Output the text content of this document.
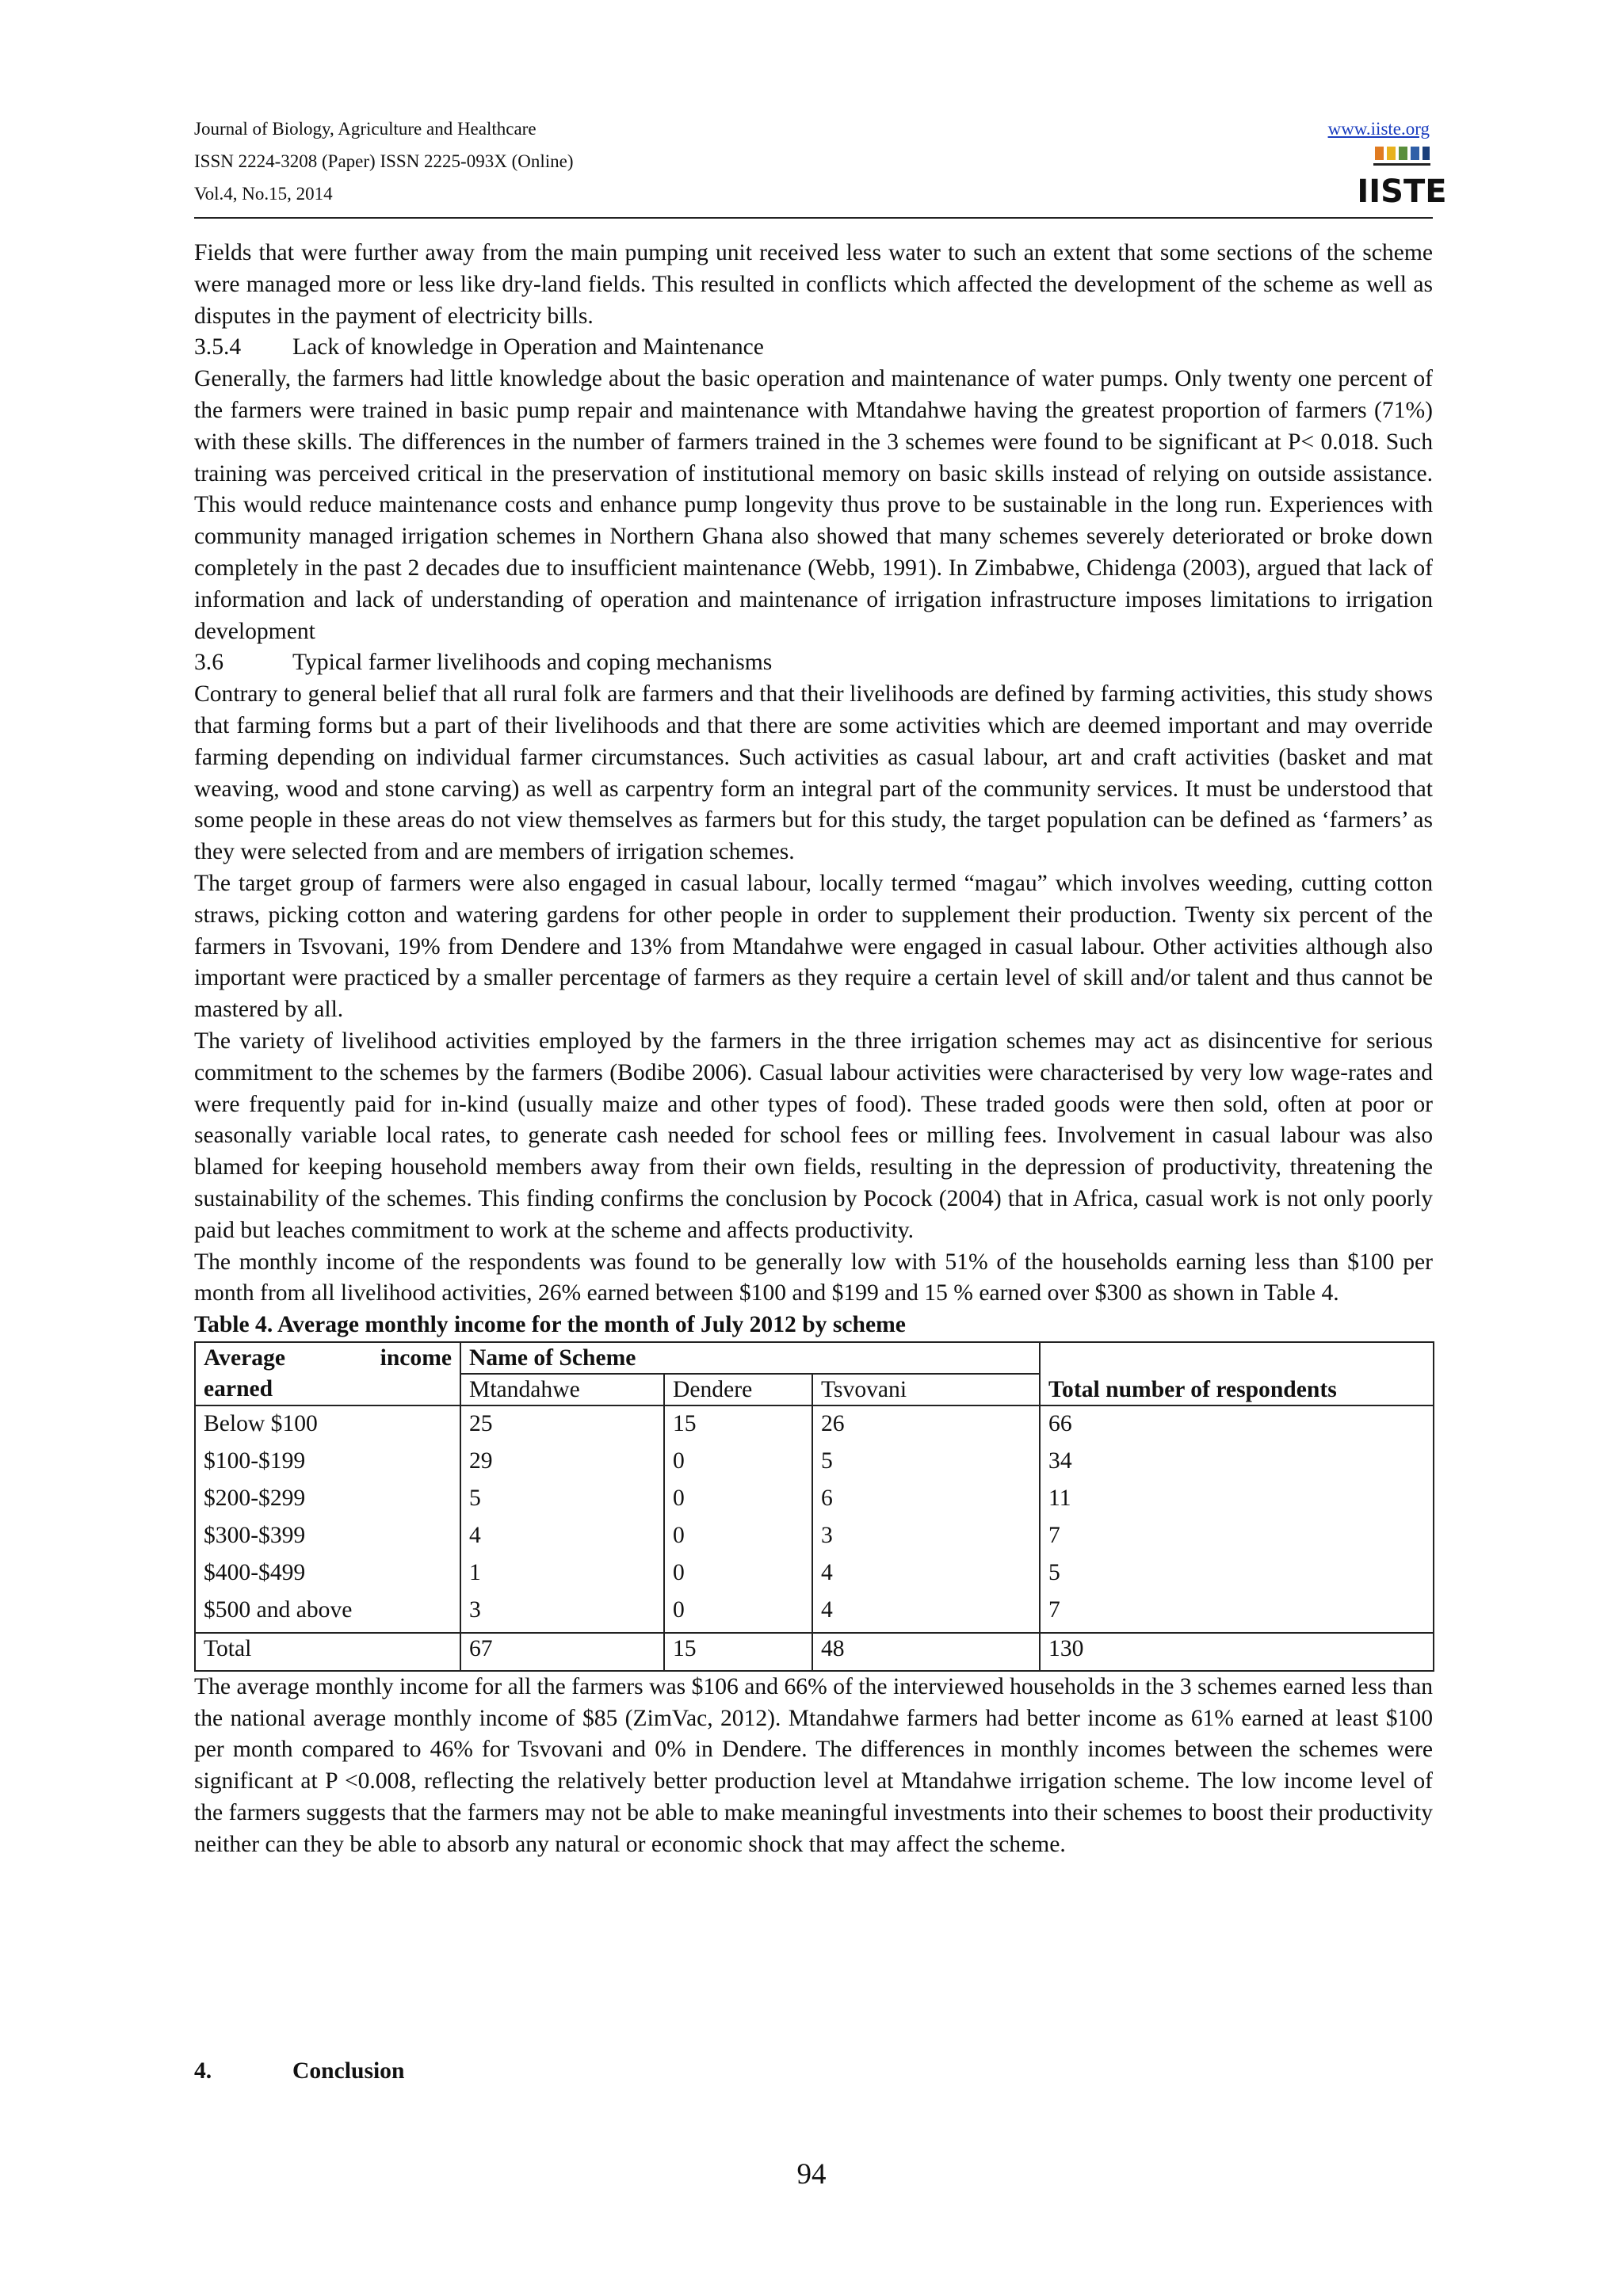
Journal of Biology, Agriculture and Healthcare
ISSN 2224-3208 (Paper) ISSN 2225-093X (Online)
Vol.4, No.15, 2014
www.iiste.org
IISTE

Fields that were further away from the main pumping unit received less water to such an extent that some sections of the scheme were managed more or less like dry-land fields. This resulted in conflicts which affected the development of the scheme as well as disputes in the payment of electricity bills.

3.5.4 Lack of knowledge in Operation and Maintenance

Generally, the farmers had little knowledge about the basic operation and maintenance of water pumps. Only twenty one percent of the farmers were trained in basic pump repair and maintenance with Mtandahwe having the greatest proportion of farmers (71%) with these skills. The differences in the number of farmers trained in the 3 schemes were found to be significant at P< 0.018. Such training was perceived critical in the preservation of institutional memory on basic skills instead of relying on outside assistance. This would reduce maintenance costs and enhance pump longevity thus prove to be sustainable in the long run. Experiences with community managed irrigation schemes in Northern Ghana also showed that many schemes severely deteriorated or broke down completely in the past 2 decades due to insufficient maintenance (Webb, 1991). In Zimbabwe, Chidenga (2003), argued that lack of information and lack of understanding of operation and maintenance of irrigation infrastructure imposes limitations to irrigation development

3.6	Typical farmer livelihoods and coping mechanisms

Contrary to general belief that all rural folk are farmers and that their livelihoods are defined by farming activities, this study shows that farming forms but a part of their livelihoods and that there are some activities which are deemed important and may override farming depending on individual farmer circumstances. Such activities as casual labour, art and craft activities (basket and mat weaving, wood and stone carving) as well as carpentry form an integral part of the community services. It must be understood that some people in these areas do not view themselves as farmers but for this study, the target population can be defined as ‘farmers’ as they were selected from and are members of irrigation schemes.

The target group of farmers were also engaged in casual labour, locally termed “magau” which involves weeding, cutting cotton straws, picking cotton and watering gardens for other people in order to supplement their production. Twenty six percent of the farmers in Tsvovani, 19% from Dendere and 13% from Mtandahwe were engaged in casual labour. Other activities although also important were practiced by a smaller percentage of farmers as they require a certain level of skill and/or talent and thus cannot be mastered by all.

The variety of livelihood activities employed by the farmers in the three irrigation schemes may act as disincentive for serious commitment to the schemes by the farmers (Bodibe 2006). Casual labour activities were characterised by very low wage-rates and were frequently paid for in-kind (usually maize and other types of food). These traded goods were then sold, often at poor or seasonally variable local rates, to generate cash needed for school fees or milling fees. Involvement in casual labour was also blamed for keeping household members away from their own fields, resulting in the depression of productivity, threatening the sustainability of the schemes. This finding confirms the conclusion by Pocock (2004) that in Africa, casual work is not only poorly paid but leaches commitment to work at the scheme and affects productivity.

The monthly income of the respondents was found to be generally low with 51% of the households earning less than $100 per month from all livelihood activities, 26% earned between $100 and $199 and 15 % earned over $300 as shown in Table 4.

Table 4. Average monthly income for the month of July 2012 by scheme
Average income	Name of Scheme			
earned	Mtandahwe	Dendere	Tsvovani	Total number of respondents
Below $100	25	15	26	66
$100-$199	29	0	5	34
$200-$299	5	0	6	11
$300-$399	4	0	3	7
$400-$499	1	0	4	5
$500 and above	3	0	4	7
Total	67	15	48	130

The average monthly income for all the farmers was $106 and 66% of the interviewed households in the 3 schemes earned less than the national average monthly income of $85 (ZimVac, 2012). Mtandahwe farmers had better income as 61% earned at least $100 per month compared to 46% for Tsvovani and 0% in Dendere. The differences in monthly incomes between the schemes were significant at P <0.008, reflecting the relatively better production level at Mtandahwe irrigation scheme. The low income level of the farmers suggests that the farmers may not be able to make meaningful investments into their schemes to boost their productivity neither can they be able to absorb any natural or economic shock that may affect the scheme.

4.	Conclusion
94
